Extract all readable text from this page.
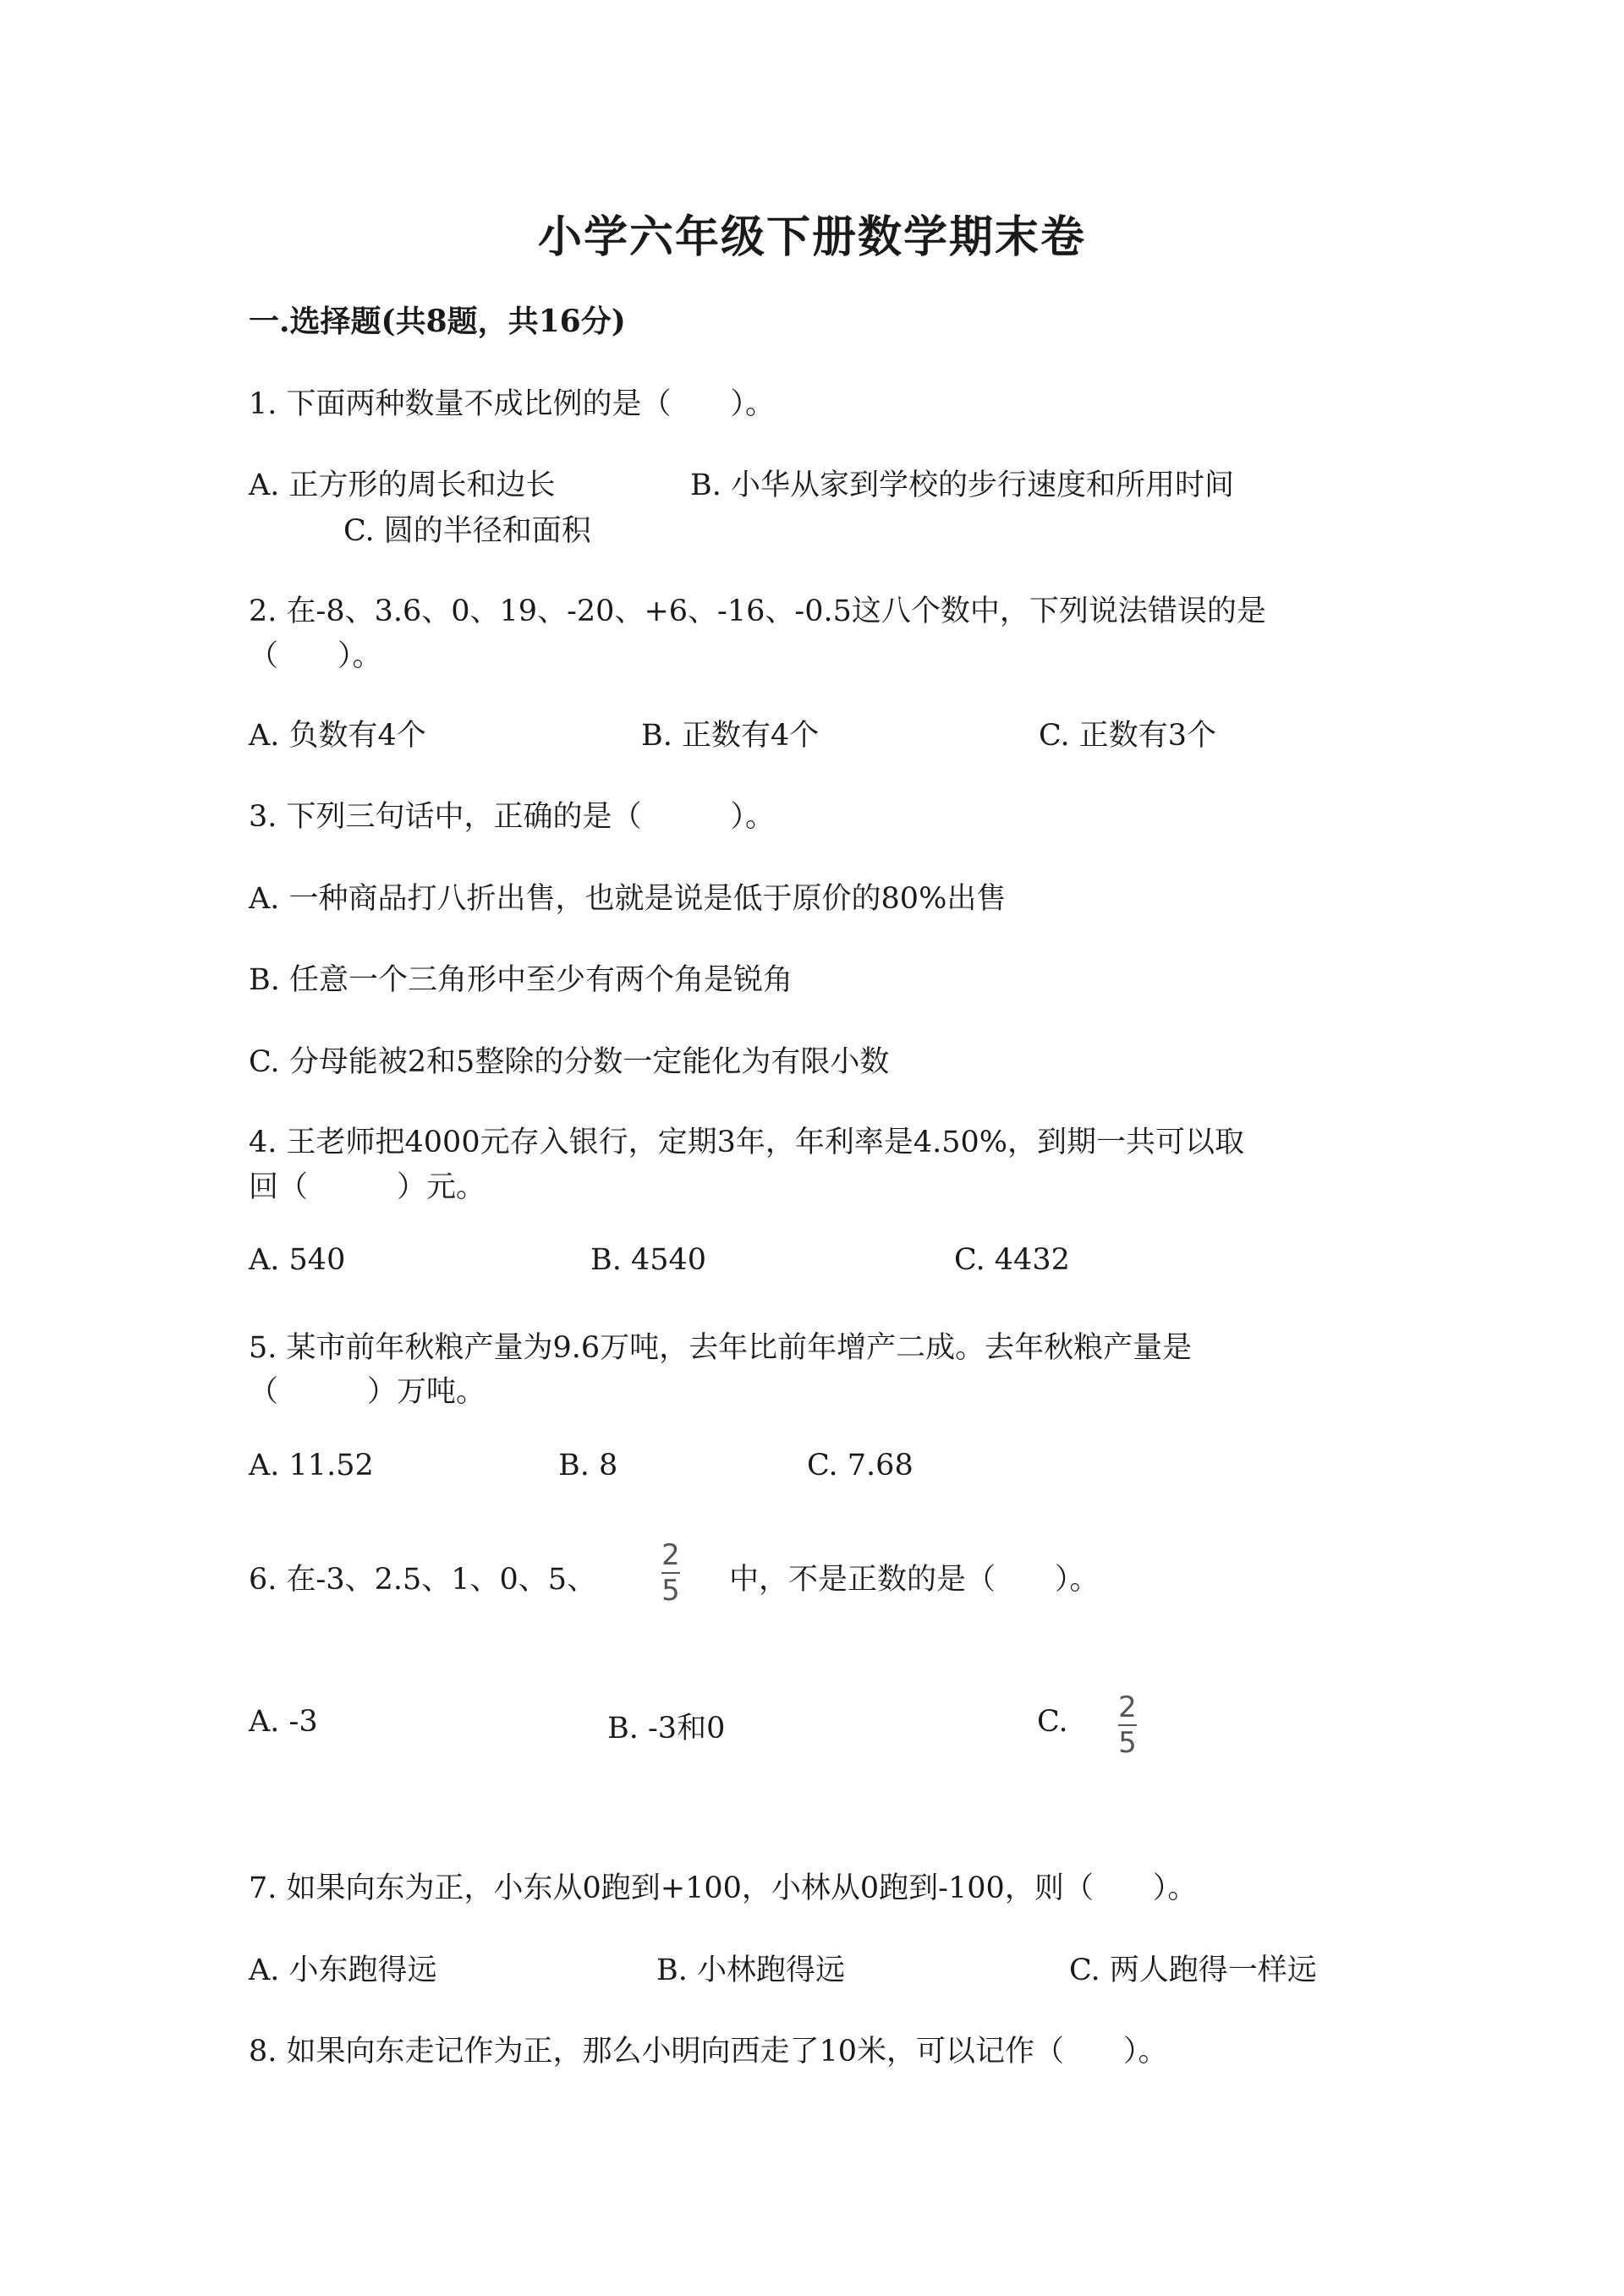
小学六年级下册数学期末卷
一.选择题(共8题，共16分)
1. 下面两种数量不成比例的是（　　）。
A. 正方形的周长和边长	B. 小华从家到学校的步行速度和所用时间
C. 圆的半径和面积
2. 在-8、3.6、0、19、-20、+6、-16、-0.5这八个数中，下列说法错误的是
（　　）。
A. 负数有4个	B. 正数有4个	C. 正数有3个
3. 下列三句话中，正确的是（　　　）。
A. 一种商品打八折出售，也就是说是低于原价的80%出售
B. 任意一个三角形中至少有两个角是锐角
C. 分母能被2和5整除的分数一定能化为有限小数
4. 王老师把4000元存入银行，定期3年，年利率是4.50%，到期一共可以取
回（　　　）元。
A. 540	B. 4540	C. 4432
5. 某市前年秋粮产量为9.6万吨，去年比前年增产二成。去年秋粮产量是
（　　　）万吨。
A. 11.52	B. 8	C. 7.68
6. 在-3、2.5、1、0、5、
2
5 中，不是正数的是（　　）。
A. -3	B. -3和0	C. 2
5
7. 如果向东为正，小东从0跑到+100，小林从0跑到-100，则（　　）。
A. 小东跑得远	B. 小林跑得远	C. 两人跑得一样远
8. 如果向东走记作为正，那么小明向西走了10米，可以记作（　　）。
